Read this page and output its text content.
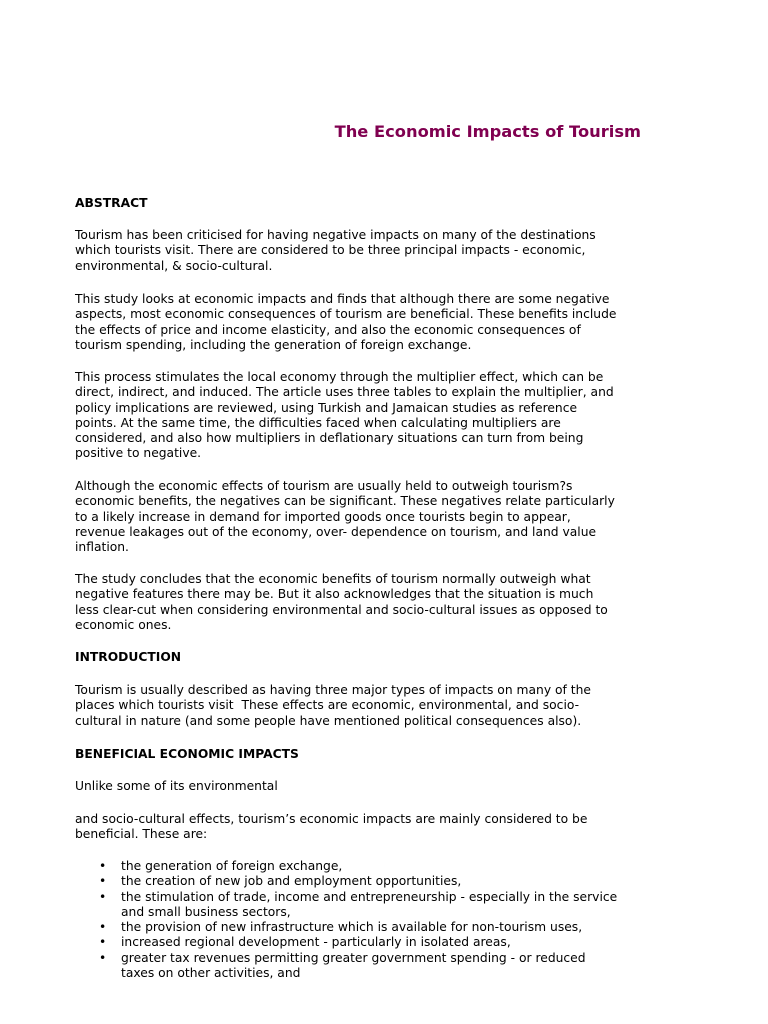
The Economic Impacts of Tourism
ABSTRACT

Tourism has been criticised for having negative impacts on many of the destinations
which tourists visit. There are considered to be three principal impacts - economic,
environmental, & socio-cultural.

This study looks at economic impacts and finds that although there are some negative
aspects, most economic consequences of tourism are beneficial. These benefits include
the effects of price and income elasticity, and also the economic consequences of
tourism spending, including the generation of foreign exchange.

This process stimulates the local economy through the multiplier effect, which can be
direct, indirect, and induced. The article uses three tables to explain the multiplier, and
policy implications are reviewed, using Turkish and Jamaican studies as reference
points. At the same time, the difficulties faced when calculating multipliers are
considered, and also how multipliers in deflationary situations can turn from being
positive to negative.

Although the economic effects of tourism are usually held to outweigh tourism?s
economic benefits, the negatives can be significant. These negatives relate particularly
to a likely increase in demand for imported goods once tourists begin to appear,
revenue leakages out of the economy, over- dependence on tourism, and land value
inflation.

The study concludes that the economic benefits of tourism normally outweigh what
negative features there may be. But it also acknowledges that the situation is much
less clear-cut when considering environmental and socio-cultural issues as opposed to
economic ones.

INTRODUCTION

Tourism is usually described as having three major types of impacts on many of the
places which tourists visit  These effects are economic, environmental, and socio-
cultural in nature (and some people have mentioned political consequences also).

BENEFICIAL ECONOMIC IMPACTS

Unlike some of its environmental

and socio-cultural effects, tourism’s economic impacts are mainly considered to be
beneficial. These are:

• the generation of foreign exchange,
• the creation of new job and employment opportunities,
• the stimulation of trade, income and entrepreneurship - especially in the service
and small business sectors,
• the provision of new infrastructure which is available for non-tourism uses,
• increased regional development - particularly in isolated areas,
• greater tax revenues permitting greater government spending - or reduced
taxes on other activities, and
